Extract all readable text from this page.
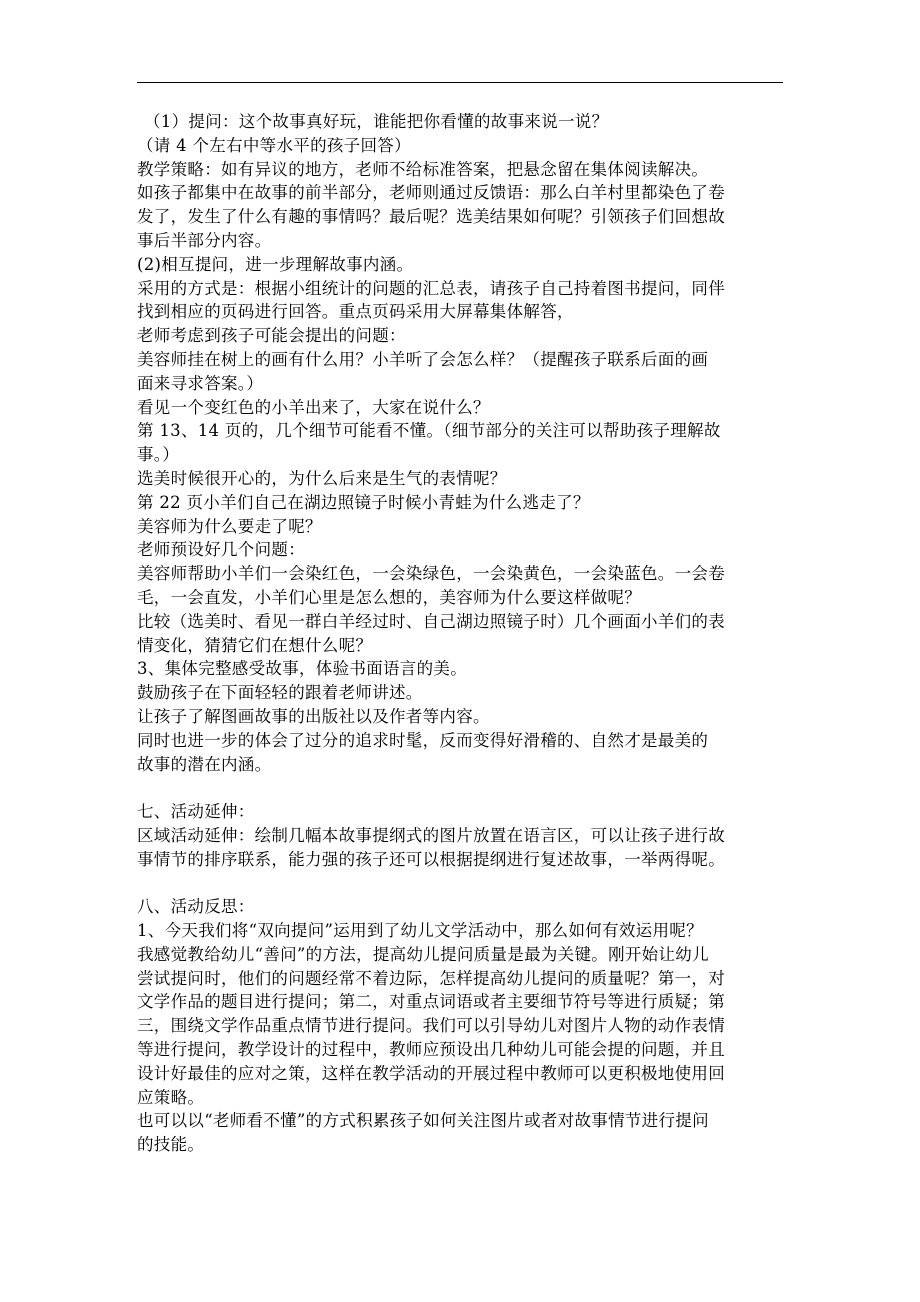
（1）提问：这个故事真好玩，谁能把你看懂的故事来说一说？
（请 4 个左右中等水平的孩子回答）
教学策略：如有异议的地方，老师不给标准答案，把悬念留在集体阅读解决。
如孩子都集中在故事的前半部分，老师则通过反馈语：那么白羊村里都染色了卷
发了，发生了什么有趣的事情吗？最后呢？选美结果如何呢？引领孩子们回想故
事后半部分内容。
(2)相互提问，进一步理解故事内涵。
采用的方式是：根据小组统计的问题的汇总表，请孩子自己持着图书提问，同伴
找到相应的页码进行回答。重点页码采用大屏幕集体解答，
老师考虑到孩子可能会提出的问题：
美容师挂在树上的画有什么用？小羊听了会怎么样？（提醒孩子联系后面的画
面来寻求答案。）
看见一个变红色的小羊出来了，大家在说什么？
第 13、14 页的，几个细节可能看不懂。（细节部分的关注可以帮助孩子理解故
事。）
选美时候很开心的，为什么后来是生气的表情呢？
第 22 页小羊们自己在湖边照镜子时候小青蛙为什么逃走了？
美容师为什么要走了呢？
老师预设好几个问题：
美容师帮助小羊们一会染红色，一会染绿色，一会染黄色，一会染蓝色。一会卷
毛，一会直发，小羊们心里是怎么想的，美容师为什么要这样做呢？
比较（选美时、看见一群白羊经过时、自己湖边照镜子时）几个画面小羊们的表
情变化，猜猜它们在想什么呢？
3、集体完整感受故事，体验书面语言的美。
鼓励孩子在下面轻轻的跟着老师讲述。
让孩子了解图画故事的出版社以及作者等内容。
同时也进一步的体会了过分的追求时髦，反而变得好滑稽的、自然才是最美的
故事的潜在内涵。
七、活动延伸：
区域活动延伸：绘制几幅本故事提纲式的图片放置在语言区，可以让孩子进行故
事情节的排序联系，能力强的孩子还可以根据提纲进行复述故事，一举两得呢。
八、活动反思：
1、今天我们将“双向提问”运用到了幼儿文学活动中，那么如何有效运用呢？
我感觉教给幼儿“善问”的方法，提高幼儿提问质量是最为关键。刚开始让幼儿
尝试提问时，他们的问题经常不着边际，怎样提高幼儿提问的质量呢？第一，对
文学作品的题目进行提问；第二，对重点词语或者主要细节符号等进行质疑；第
三，围绕文学作品重点情节进行提问。我们可以引导幼儿对图片人物的动作表情
等进行提问，教学设计的过程中，教师应预设出几种幼儿可能会提的问题，并且
设计好最佳的应对之策，这样在教学活动的开展过程中教师可以更积极地使用回
应策略。
也可以以“老师看不懂”的方式积累孩子如何关注图片或者对故事情节进行提问
的技能。
